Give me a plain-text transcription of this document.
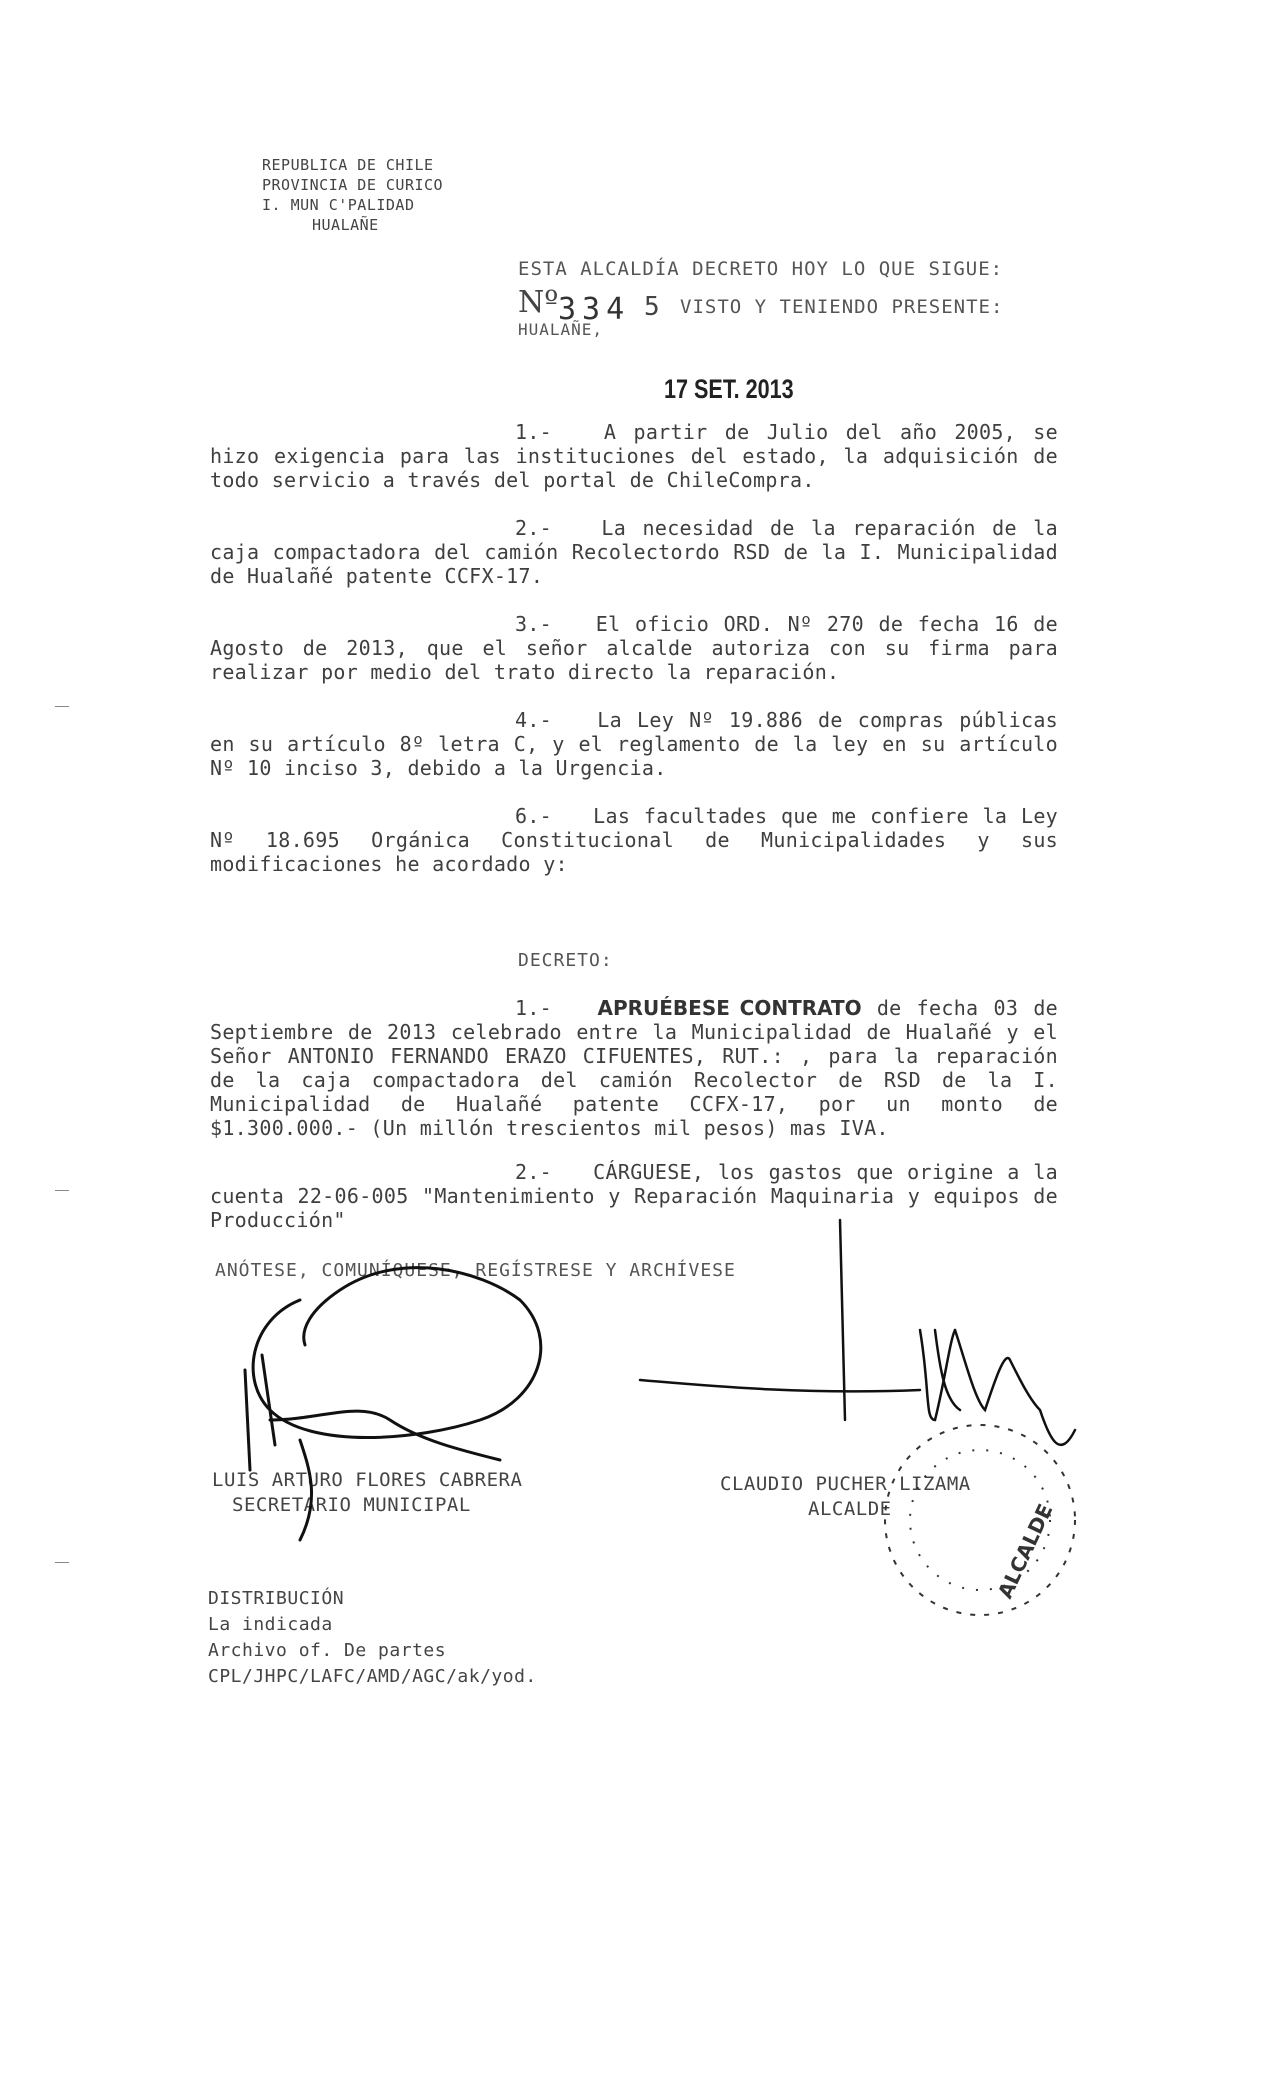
REPUBLICA DE CHILE
PROVINCIA DE CURICO
I. MUN C'PALIDAD
HUALAÑE
ESTA ALCALDÍA DECRETO HOY LO QUE SIGUE:
Nº 334 5 VISTO Y TENIENDO PRESENTE:
HUALAÑE,
17 SET. 2013
1.-	A partir de Julio del año 2005, se hizo exigencia para las instituciones del estado, la adquisición de todo servicio a través del portal de ChileCompra.
2.- La necesidad de la reparación de la caja compactadora del camión Recolectordo RSD de la I. Municipalidad de Hualañé patente CCFX-17.
3.- El oficio ORD. Nº 270 de fecha 16 de Agosto de 2013, que el señor alcalde autoriza con su firma para realizar por medio del trato directo la reparación.
4.- La Ley Nº 19.886 de compras públicas en su artículo 8º letra C, y el reglamento de la ley en su artículo Nº 10 inciso 3, debido a la Urgencia.
6.- Las facultades que me confiere la Ley Nº 18.695 Orgánica Constitucional de Municipalidades y sus modificaciones he acordado y:
DECRETO:
1.- APRUÉBESE CONTRATO de fecha 03 de Septiembre de 2013 celebrado entre la Municipalidad de Hualañé y el Señor ANTONIO FERNANDO ERAZO CIFUENTES, RUT.: , para la reparación de la caja compactadora del camión Recolector de RSD de la I. Municipalidad de Hualañé patente CCFX-17, por un monto de $1.300.000.- (Un millón trescientos mil pesos) mas IVA.
2.- CÁRGUESE, los gastos que origine a la cuenta 22-06-005 "Mantenimiento y Reparación Maquinaria y equipos de Producción"
ANÓTESE, COMUNÍQUESE, REGÍSTRESE Y ARCHÍVESE
LUIS ARTURO FLORES CABRERA
SECRETARIO MUNICIPAL
CLAUDIO PUCHER LIZAMA
ALCALDE
DISTRIBUCIÓN
La indicada
Archivo of. De partes
CPL/JHPC/LAFC/AMD/AGC/ak/yod.
ALCALDE
